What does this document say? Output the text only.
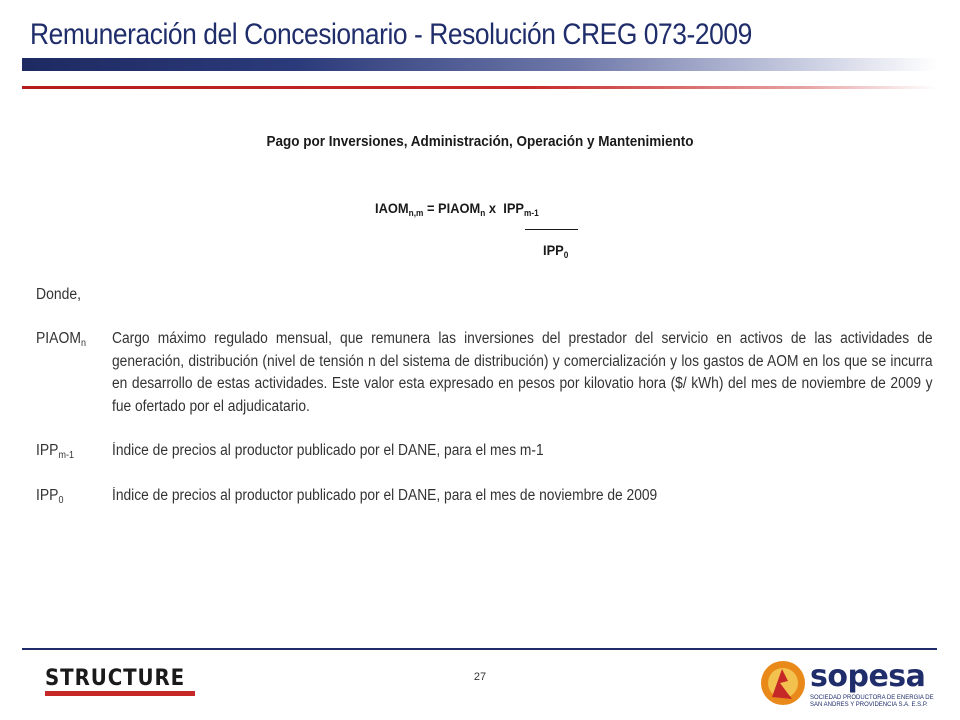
Remuneración del Concesionario - Resolución CREG 073-2009
Pago por Inversiones, Administración, Operación y Mantenimiento
$IAOM_{n,m}$ = $PIAOM_n$ x  $IPP_{m-1}$
$IPP_0$
Donde,
$PIAOM_n$ Cargo máximo regulado mensual, que remunera las inversiones del prestador del servicio en activos de las actividades de generación, distribución (nivel de tensión n del sistema de distribución) y comercialización y los gastos de AOM en los que se incurra en desarrollo de estas actividades. Este valor esta expresado en pesos por kilovatio hora ($/ kWh) del mes de noviembre de 2009 y fue ofertado por el adjudicatario.
$IPP_{m-1}$ Índice de precios al productor publicado por el DANE, para el mes m-1
$IPP_0$	Índice de precios al productor publicado por el DANE, para el mes de noviembre de 2009
27
STRUCTURE	sopesa
SOCIEDAD PRODUCTORA DE ENERGIA DE SAN ANDRES Y PROVIDENCIA S.A. E.S.P.
